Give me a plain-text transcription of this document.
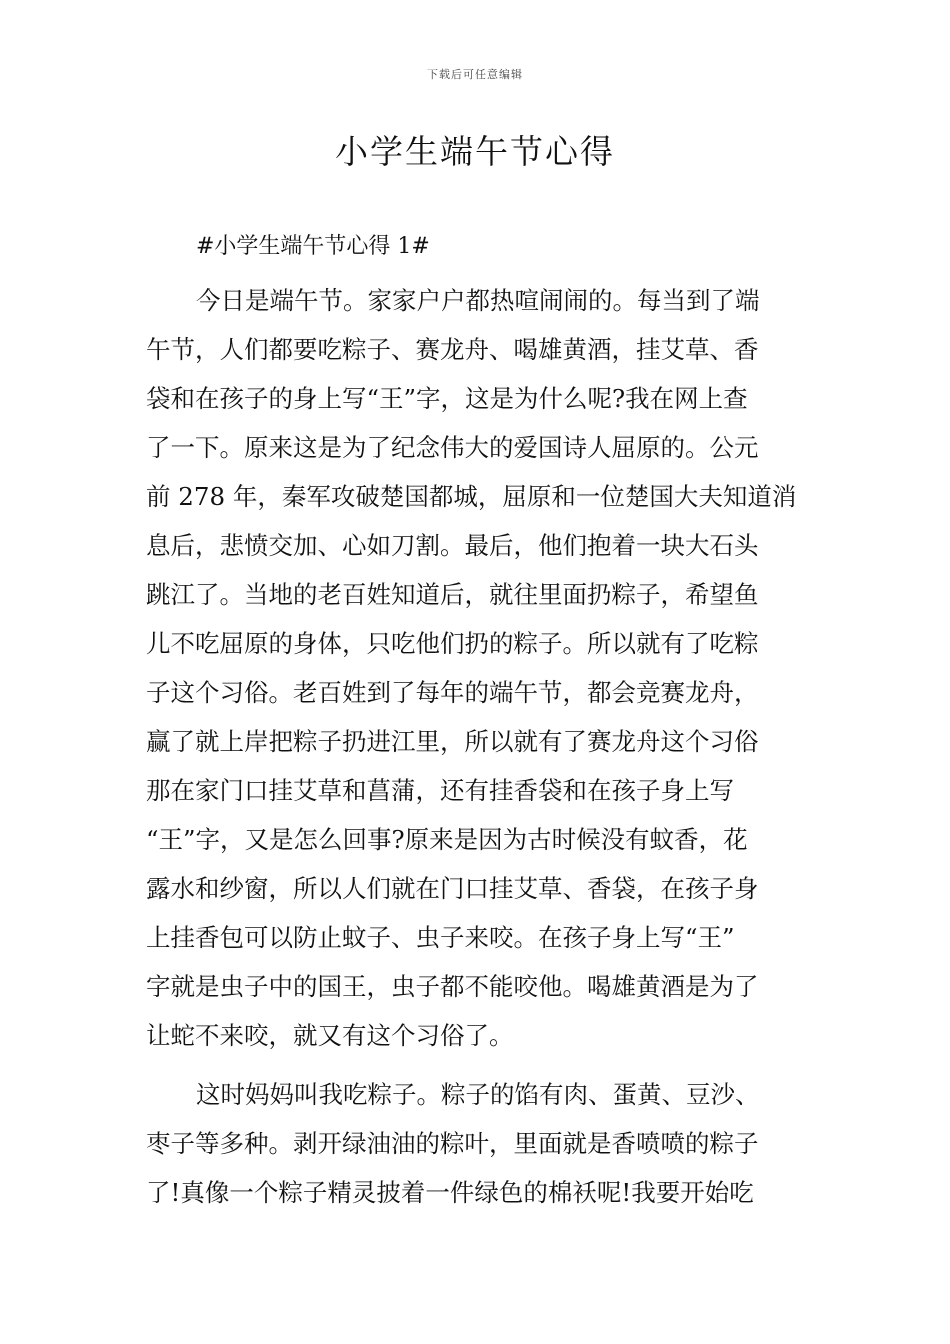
下载后可任意编辑
小学生端午节心得

#小学生端午节心得 1#

今日是端午节。家家户户都热喧闹闹的。每当到了端
午节，人们都要吃粽子、赛龙舟、喝雄黄酒，挂艾草、香
袋和在孩子的身上写“王”字，这是为什么呢?我在网上查
了一下。原来这是为了纪念伟大的爱国诗人屈原的。公元
前 278 年，秦军攻破楚国都城，屈原和一位楚国大夫知道消
息后，悲愤交加、心如刀割。最后，他们抱着一块大石头
跳江了。当地的老百姓知道后，就往里面扔粽子，希望鱼
儿不吃屈原的身体，只吃他们扔的粽子。所以就有了吃粽
子这个习俗。老百姓到了每年的端午节，都会竞赛龙舟，
赢了就上岸把粽子扔进江里，所以就有了赛龙舟这个习俗
那在家门口挂艾草和菖蒲，还有挂香袋和在孩子身上写
“王”字，又是怎么回事?原来是因为古时候没有蚊香，花
露水和纱窗，所以人们就在门口挂艾草、香袋，在孩子身
上挂香包可以防止蚊子、虫子来咬。在孩子身上写“王”
字就是虫子中的国王，虫子都不能咬他。喝雄黄酒是为了
让蛇不来咬，就又有这个习俗了。
这时妈妈叫我吃粽子。粽子的馅有肉、蛋黄、豆沙、
枣子等多种。剥开绿油油的粽叶，里面就是香喷喷的粽子
了!真像一个粽子精灵披着一件绿色的棉袄呢!我要开始吃
